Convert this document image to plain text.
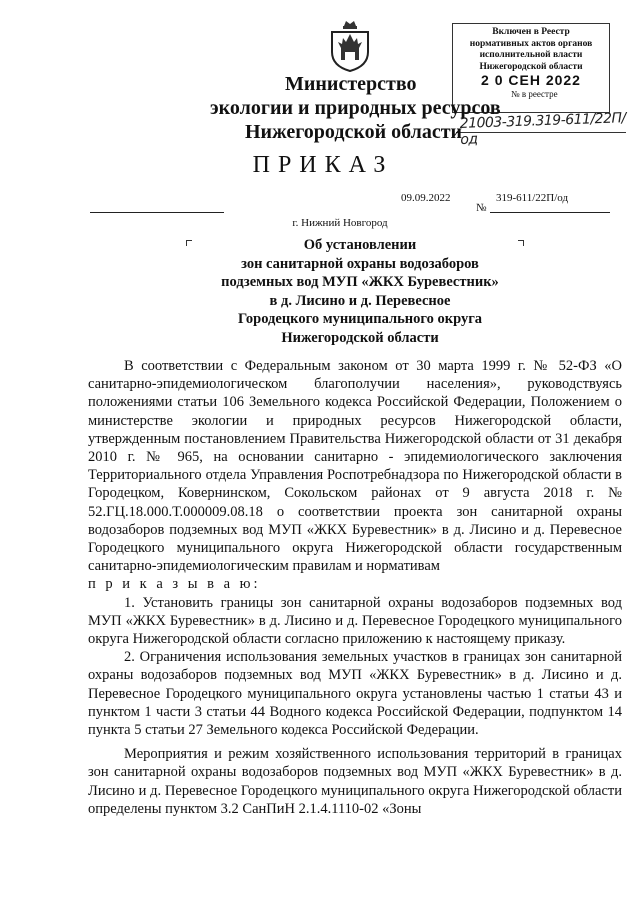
Включен в Реестр
нормативных актов органов
исполнительной власти
Нижегородской области
2 0 СЕН 2022
№ в реестре
21003-319.319-611/22П/од
Министерство
экологии и природных ресурсов
Нижегородской области
ПРИКАЗ
09.09.2022	319-611/22П/од
№
г. Нижний Новгород
Об установлении
зон санитарной охраны водозаборов
подземных вод МУП «ЖКХ Буревестник»
в д. Лисино и д. Перевесное
Городецкого муниципального округа
Нижегородской области

В соответствии с Федеральным законом от 30 марта 1999 г. № 52-ФЗ «О санитарно-эпидемиологическом благополучии населения», руководствуясь положениями статьи 106 Земельного кодекса Российской Федерации, Положением о министерстве экологии и природных ресурсов Нижегородской области, утвержденным постановлением Правительства Нижегородской области от 31 декабря 2010 г. № 965, на основании санитарно - эпидемиологического заключения Территориального отдела Управления Роспотребнадзора по Нижегородской области в Городецком, Ковернинском, Сокольском районах от 9 августа 2018 г. № 52.ГЦ.18.000.Т.000009.08.18 о соответствии проекта зон санитарной охраны водозаборов подземных вод МУП «ЖКХ Буревестник» в д. Лисино и д. Перевесное Городецкого муниципального округа Нижегородской области государственным санитарно-эпидемиологическим правилам и нормативам

п р и к а з ы в а ю:

1. Установить границы зон санитарной охраны водозаборов подземных вод МУП «ЖКХ Буревестник» в д. Лисино и д. Перевесное Городецкого муниципального округа Нижегородской области согласно приложению к настоящему приказу.

2. Ограничения использования земельных участков в границах зон санитарной охраны водозаборов подземных вод МУП «ЖКХ Буревестник» в д. Лисино и д. Перевесное Городецкого муниципального округа установлены частью 1 статьи 43 и пунктом 1 части 3 статьи 44 Водного кодекса Российской Федерации, подпунктом 14 пункта 5 статьи 27 Земельного кодекса Российской Федерации.

Мероприятия и режим хозяйственного использования территорий в границах зон санитарной охраны водозаборов подземных вод МУП «ЖКХ Буревестник» в д. Лисино и д. Перевесное Городецкого муниципального округа Нижегородской области определены пунктом 3.2 СанПиН 2.1.4.1110-02 «Зоны
